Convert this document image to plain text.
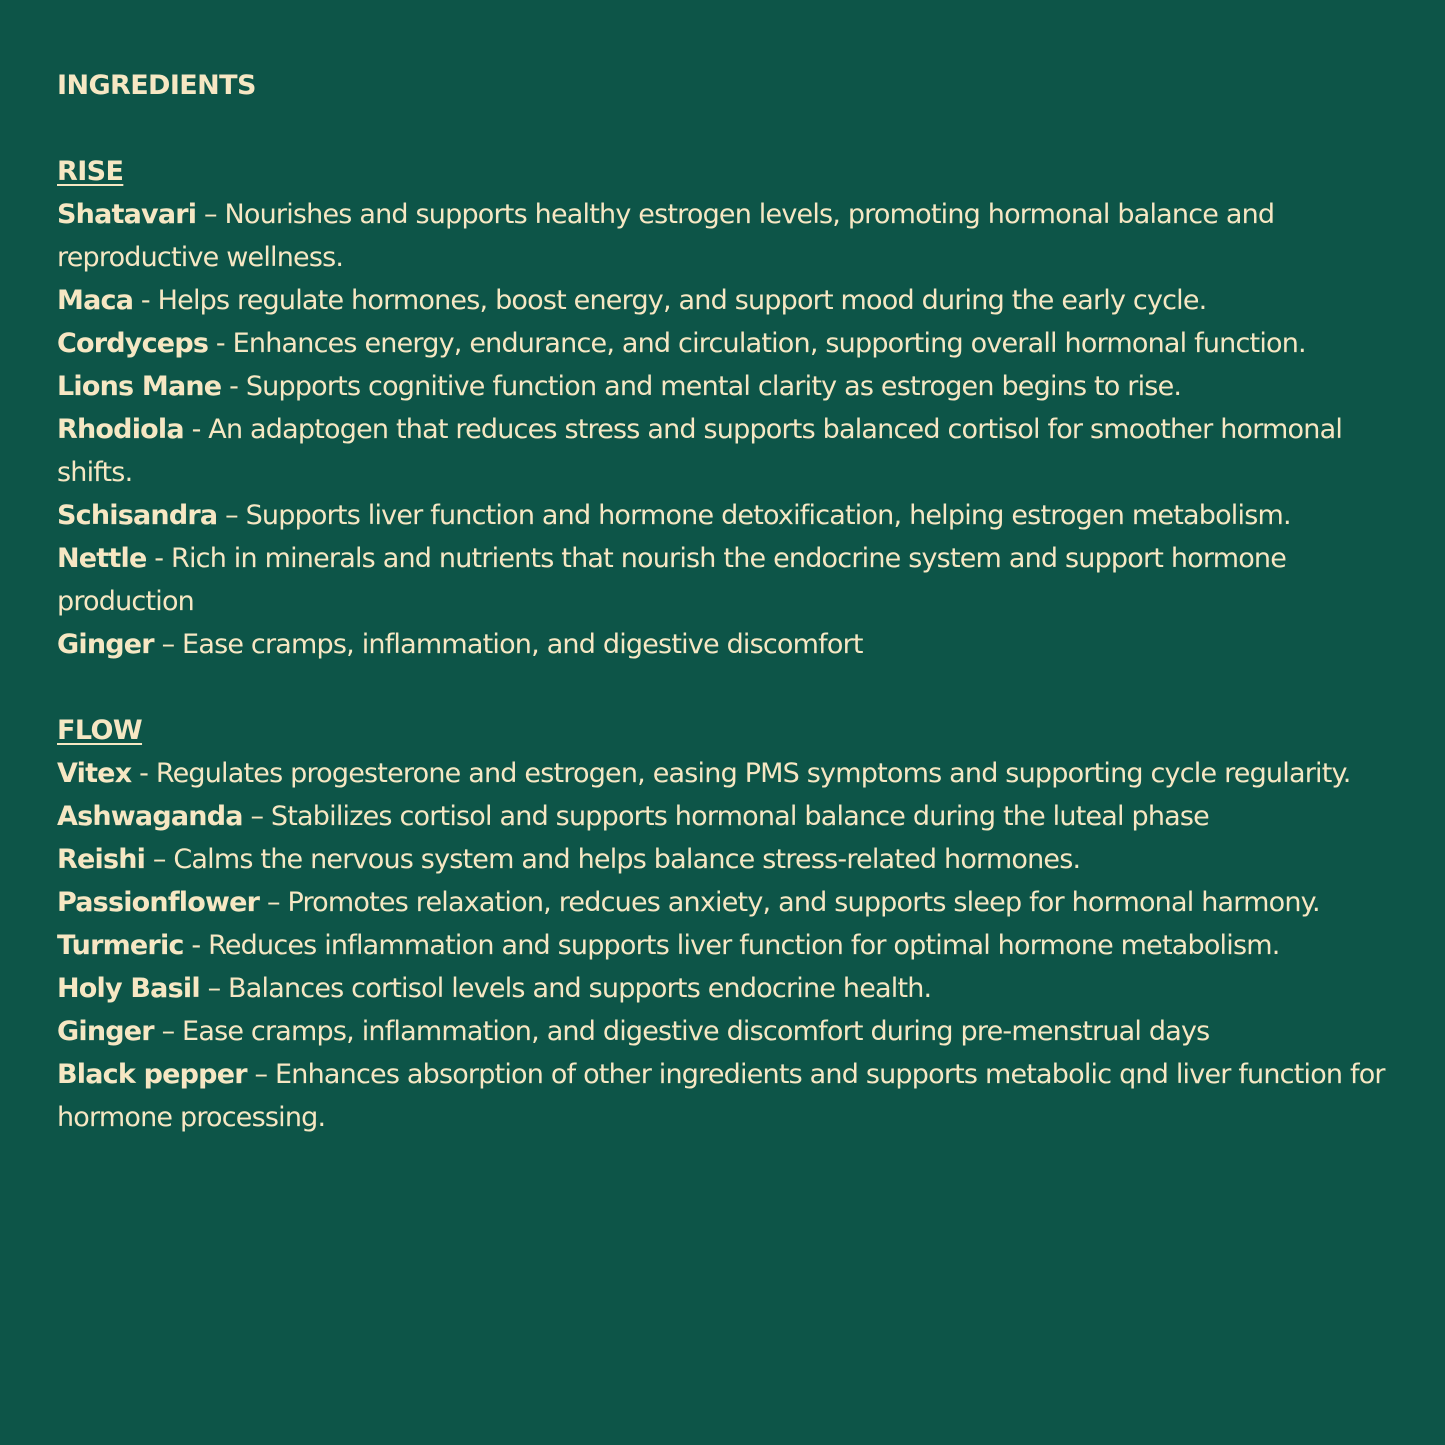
INGREDIENTS
RISE
Shatavari – Nourishes and supports healthy estrogen levels, promoting hormonal balance and reproductive wellness.
Maca - Helps regulate hormones, boost energy, and support mood during the early cycle.
Cordyceps - Enhances energy, endurance, and circulation, supporting overall hormonal function.
Lions Mane - Supports cognitive function and mental clarity as estrogen begins to rise.
Rhodiola - An adaptogen that reduces stress and supports balanced cortisol for smoother hormonal shifts.
Schisandra – Supports liver function and hormone detoxification, helping estrogen metabolism.
Nettle - Rich in minerals and nutrients that nourish the endocrine system and support hormone production
Ginger – Ease cramps, inflammation, and digestive discomfort
FLOW
Vitex - Regulates progesterone and estrogen, easing PMS symptoms and supporting cycle regularity.
Ashwaganda – Stabilizes cortisol and supports hormonal balance during the luteal phase
Reishi – Calms the nervous system and helps balance stress-related hormones.
Passionflower – Promotes relaxation, redcues anxiety, and supports sleep for hormonal harmony.
Turmeric - Reduces inflammation and supports liver function for optimal hormone metabolism.
Holy Basil – Balances cortisol levels and supports endocrine health.
Ginger – Ease cramps, inflammation, and digestive discomfort during pre-menstrual days
Black pepper – Enhances absorption of other ingredients and supports metabolic qnd liver function for hormone processing.
